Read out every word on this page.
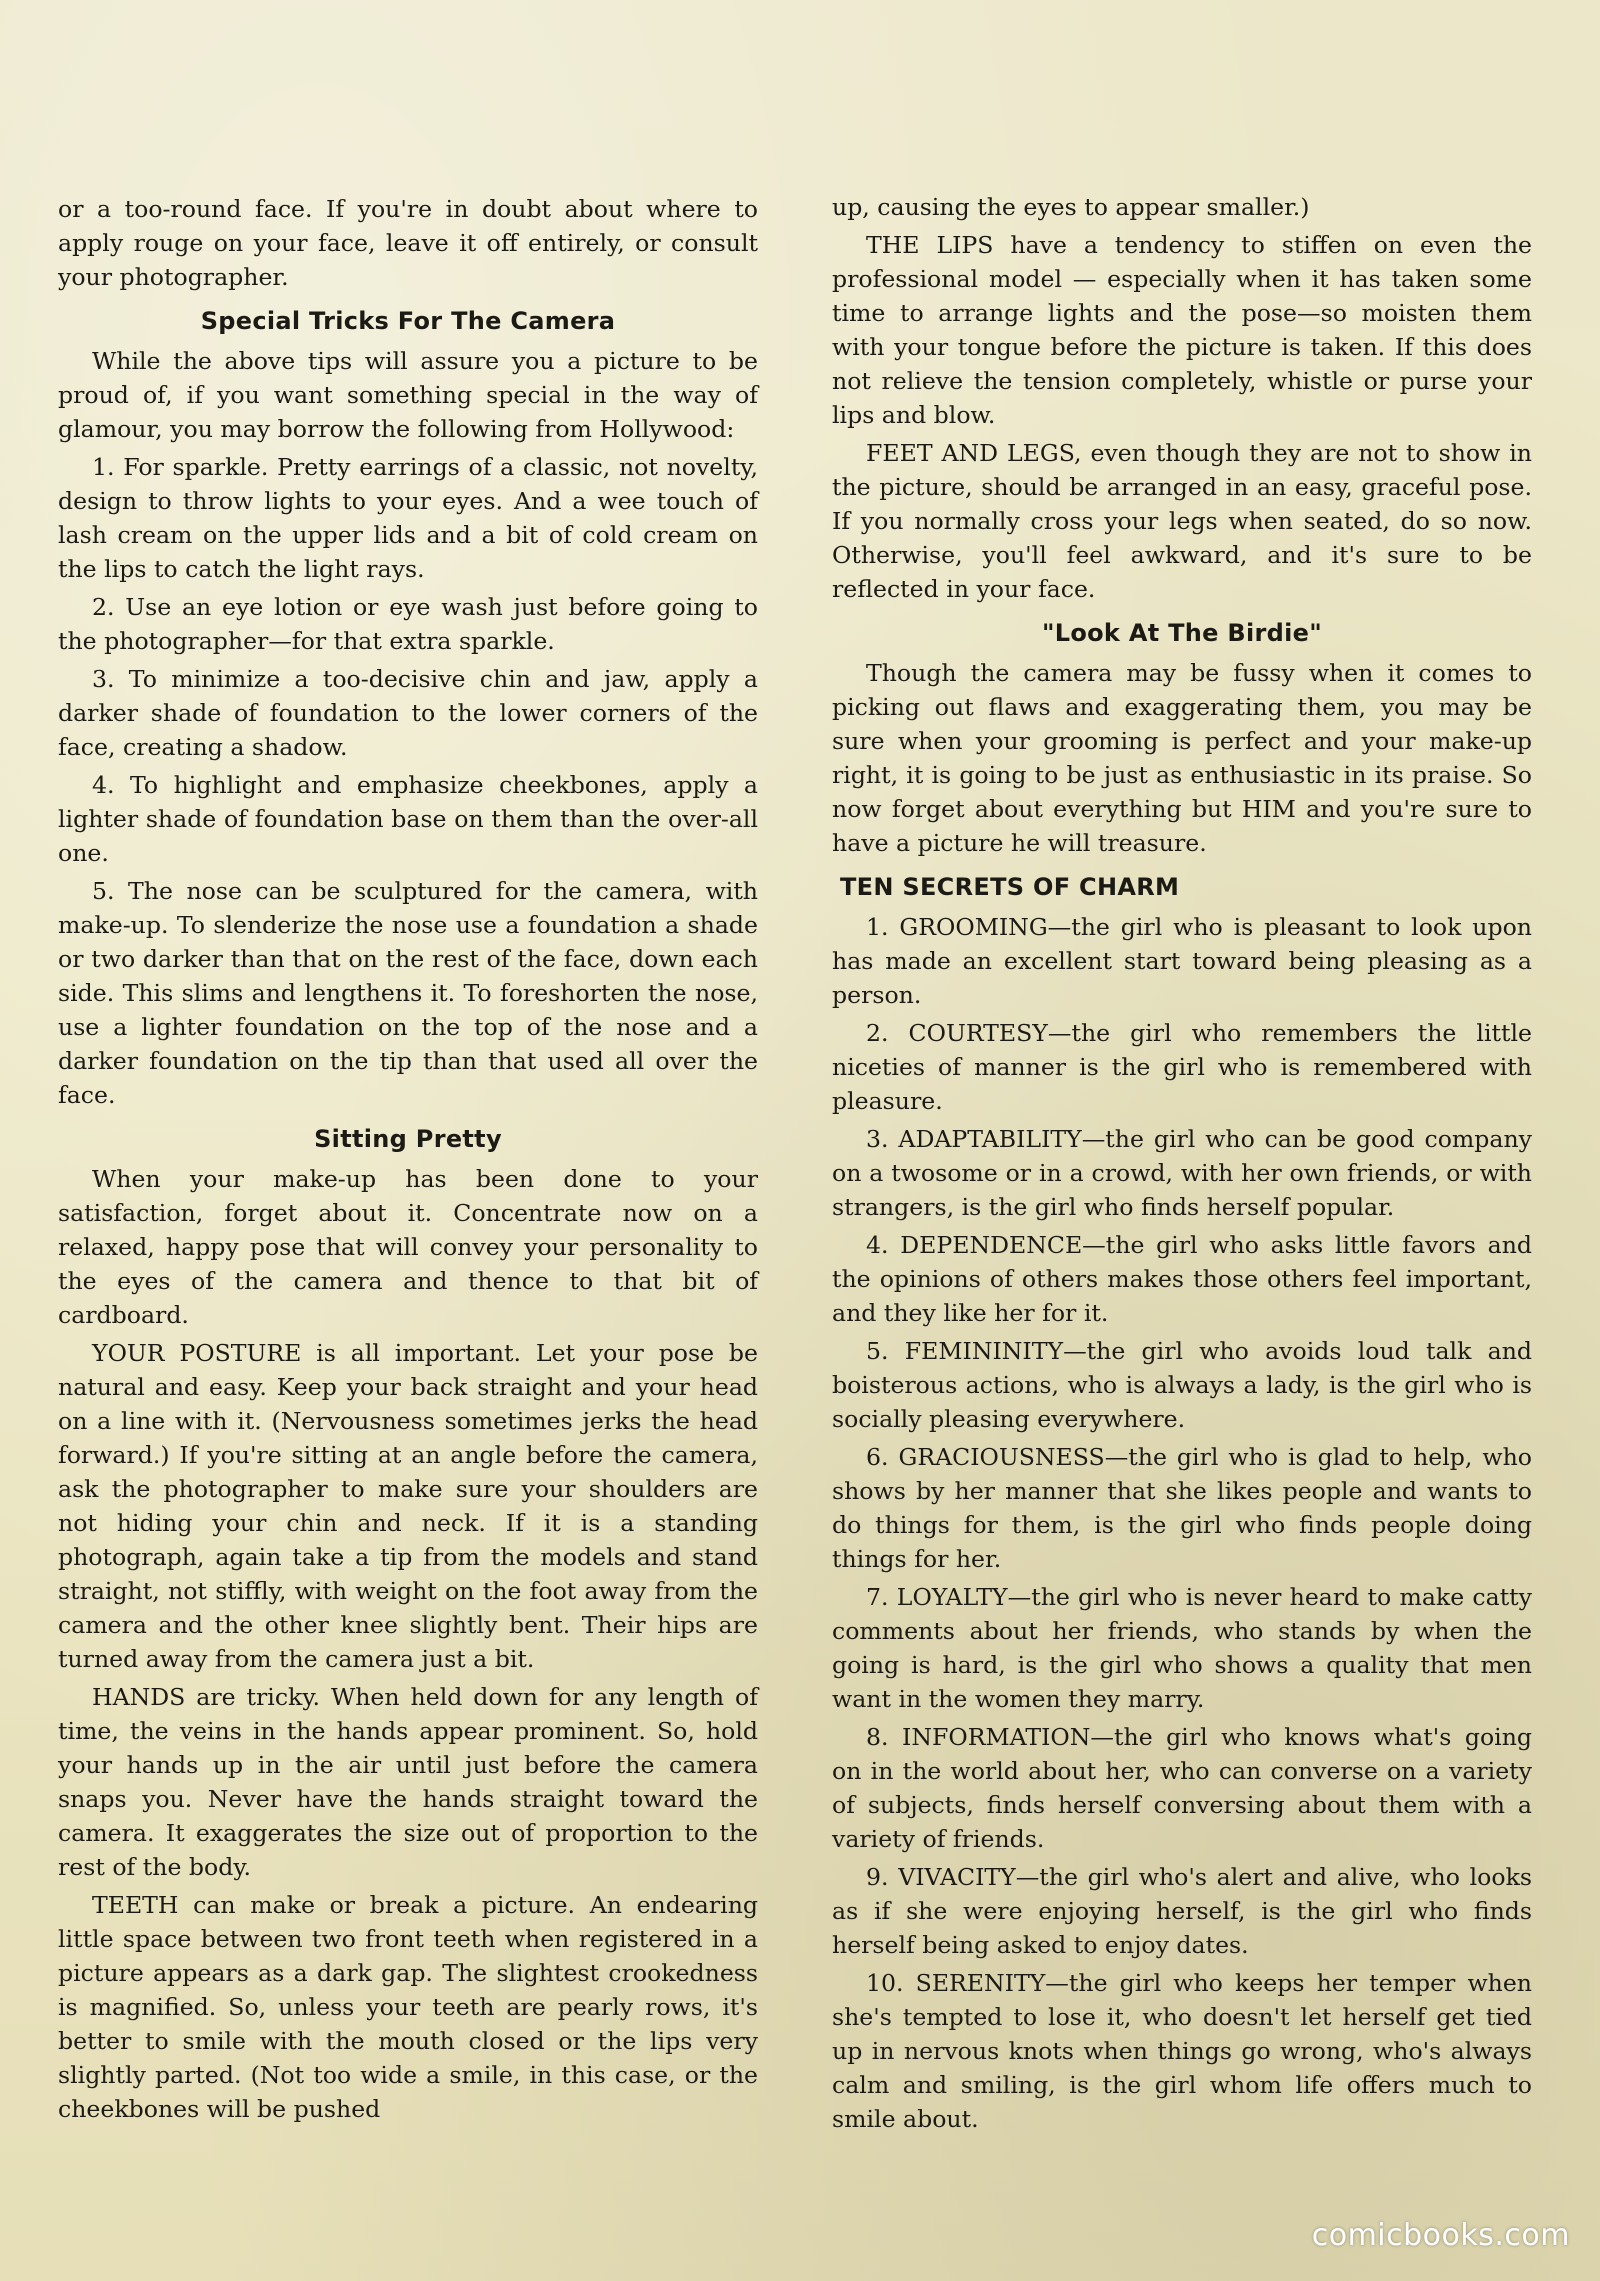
or a too-round face. If you're in doubt about where to apply rouge on your face, leave it off entirely, or consult your photographer.

Special Tricks For The Camera

While the above tips will assure you a picture to be proud of, if you want something special in the way of glamour, you may borrow the following from Hollywood:

1. For sparkle. Pretty earrings of a classic, not novelty, design to throw lights to your eyes. And a wee touch of lash cream on the upper lids and a bit of cold cream on the lips to catch the light rays.

2. Use an eye lotion or eye wash just before going to the photographer—for that extra sparkle.

3. To minimize a too-decisive chin and jaw, apply a darker shade of foundation to the lower corners of the face, creating a shadow.

4. To highlight and emphasize cheekbones, apply a lighter shade of foundation base on them than the over-all one.

5. The nose can be sculptured for the camera, with make-up. To slenderize the nose use a foundation a shade or two darker than that on the rest of the face, down each side. This slims and lengthens it. To foreshorten the nose, use a lighter foundation on the top of the nose and a darker foundation on the tip than that used all over the face.

Sitting Pretty

When your make-up has been done to your satisfaction, forget about it. Concentrate now on a relaxed, happy pose that will convey your personality to the eyes of the camera and thence to that bit of cardboard.

YOUR POSTURE is all important. Let your pose be natural and easy. Keep your back straight and your head on a line with it. (Nervousness sometimes jerks the head forward.) If you're sitting at an angle before the camera, ask the photographer to make sure your shoulders are not hiding your chin and neck. If it is a standing photograph, again take a tip from the models and stand straight, not stiffly, with weight on the foot away from the camera and the other knee slightly bent. Their hips are turned away from the camera just a bit.

HANDS are tricky. When held down for any length of time, the veins in the hands appear prominent. So, hold your hands up in the air until just before the camera snaps you. Never have the hands straight toward the camera. It exaggerates the size out of proportion to the rest of the body.

TEETH can make or break a picture. An endearing little space between two front teeth when registered in a picture appears as a dark gap. The slightest crookedness is magnified. So, unless your teeth are pearly rows, it's better to smile with the mouth closed or the lips very slightly parted. (Not too wide a smile, in this case, or the cheekbones will be pushed

up, causing the eyes to appear smaller.)

THE LIPS have a tendency to stiffen on even the professional model — especially when it has taken some time to arrange lights and the pose—so moisten them with your tongue before the picture is taken. If this does not relieve the tension completely, whistle or purse your lips and blow.

FEET AND LEGS, even though they are not to show in the picture, should be arranged in an easy, graceful pose. If you normally cross your legs when seated, do so now. Otherwise, you'll feel awkward, and it's sure to be reflected in your face.

"Look At The Birdie"

Though the camera may be fussy when it comes to picking out flaws and exaggerating them, you may be sure when your grooming is perfect and your make-up right, it is going to be just as enthusiastic in its praise. So now forget about everything but HIM and you're sure to have a picture he will treasure.

TEN SECRETS OF CHARM

1. GROOMING—the girl who is pleasant to look upon has made an excellent start toward being pleasing as a person.

2. COURTESY—the girl who remembers the little niceties of manner is the girl who is remembered with pleasure.

3. ADAPTABILITY—the girl who can be good company on a twosome or in a crowd, with her own friends, or with strangers, is the girl who finds herself popular.

4. DEPENDENCE—the girl who asks little favors and the opinions of others makes those others feel important, and they like her for it.

5. FEMININITY—the girl who avoids loud talk and boisterous actions, who is always a lady, is the girl who is socially pleasing everywhere.

6. GRACIOUSNESS—the girl who is glad to help, who shows by her manner that she likes people and wants to do things for them, is the girl who finds people doing things for her.

7. LOYALTY—the girl who is never heard to make catty comments about her friends, who stands by when the going is hard, is the girl who shows a quality that men want in the women they marry.

8. INFORMATION—the girl who knows what's going on in the world about her, who can converse on a variety of subjects, finds herself conversing about them with a variety of friends.

9. VIVACITY—the girl who's alert and alive, who looks as if she were enjoying herself, is the girl who finds herself being asked to enjoy dates.

10. SERENITY—the girl who keeps her temper when she's tempted to lose it, who doesn't let herself get tied up in nervous knots when things go wrong, who's always calm and smiling, is the girl whom life offers much to smile about.

comicbooks.com
